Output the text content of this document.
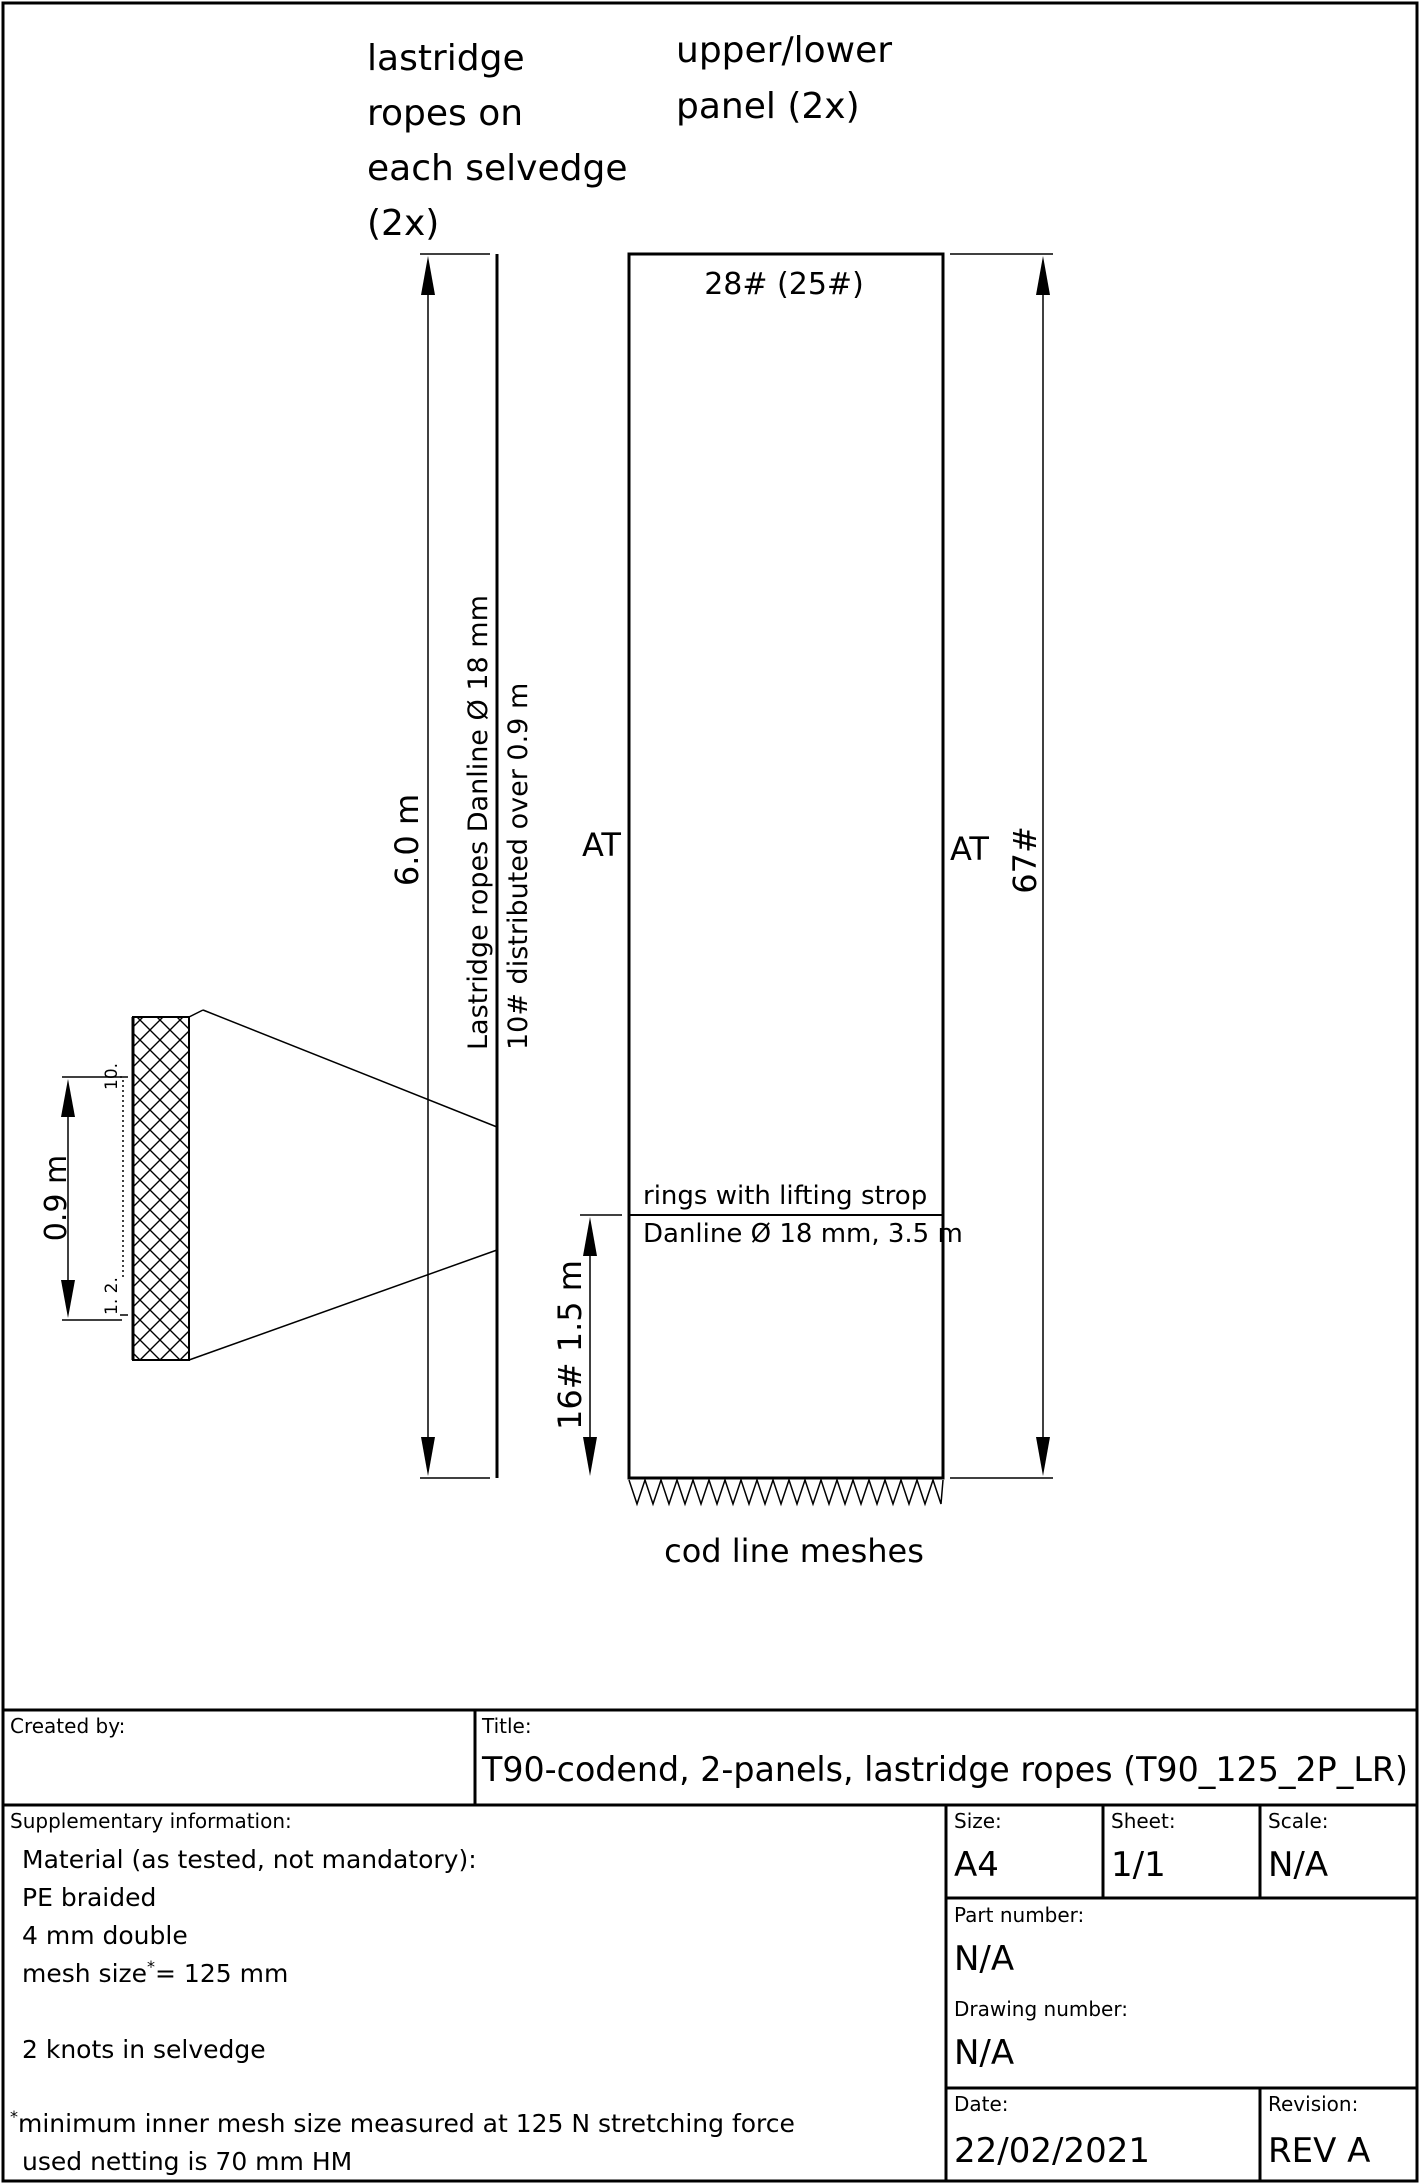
lastridge
ropes on
each selvedge
(2x)
upper/lower
panel (2x)
6.0 m Lastridge ropes Danline Ø 18 mm 10# distributed over 0.9 m
28# (25#)
AT	AT 67#
rings with lifting strop
Danline Ø 18 mm, 3.5 m
16# 1.5 m
cod line meshes
0.9 m
10.
1. 2.
Created by:	Title:
T90-codend, 2-panels, lastridge ropes (T90_125_2P_LR)
Supplementary information:
Material (as tested, not mandatory):
PE braided
4 mm double
mesh size*= 125 mm
2 knots in selvedge
*minimum inner mesh size measured at 125 N stretching force
used netting is 70 mm HM
Size:
A4
Sheet:
1/1
Scale:
N/A
Part number:
N/A
Drawing number:
N/A
Date:
22/02/2021
Revision:
REV A
